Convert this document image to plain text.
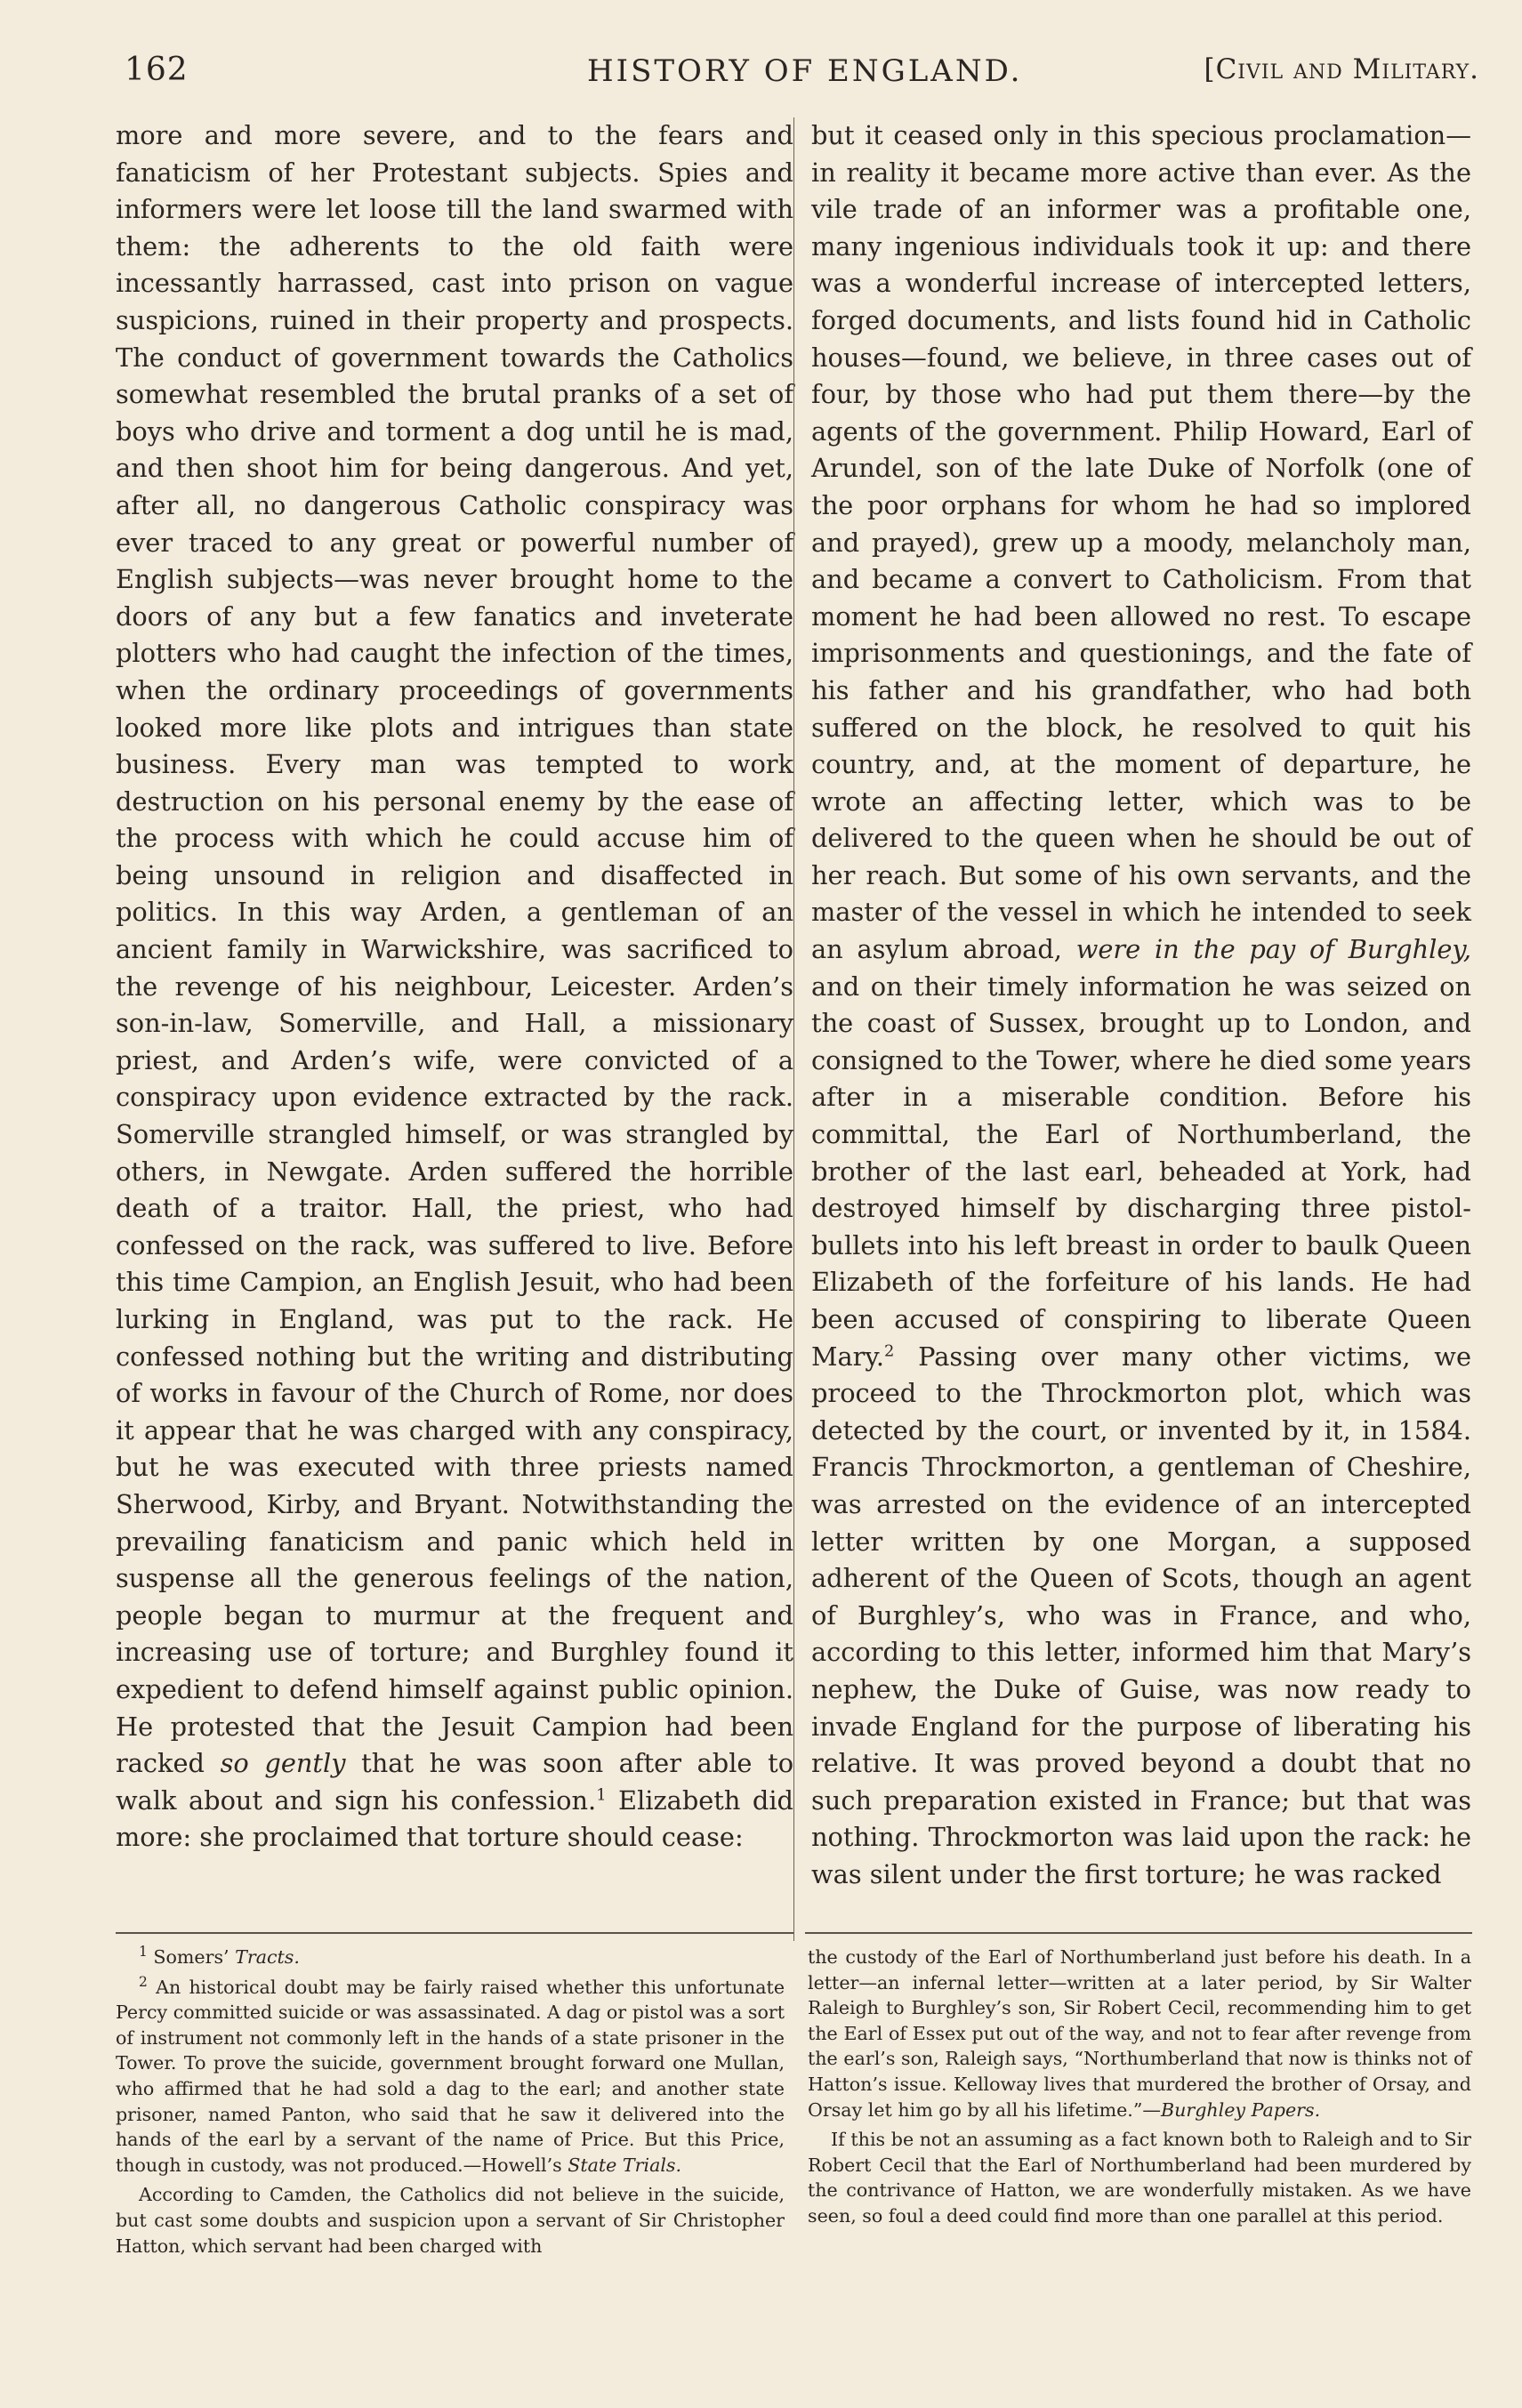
162	HISTORY OF ENGLAND.	[Civil and Military.

more and more severe, and to the fears and fanaticism of her Protestant subjects. Spies and informers were let loose till the land swarmed with them: the adherents to the old faith were incessantly harrassed, cast into prison on vague suspicions, ruined in their property and prospects. The conduct of government towards the Catholics somewhat resembled the brutal pranks of a set of boys who drive and torment a dog until he is mad, and then shoot him for being dangerous. And yet, after all, no dangerous Catholic conspiracy was ever traced to any great or powerful number of English subjects—was never brought home to the doors of any but a few fanatics and inveterate plotters who had caught the infection of the times, when the ordinary proceedings of governments looked more like plots and intrigues than state business. Every man was tempted to work destruction on his personal enemy by the ease of the process with which he could accuse him of being unsound in religion and disaffected in politics. In this way Arden, a gentleman of an ancient family in Warwickshire, was sacrificed to the revenge of his neighbour, Leicester. Arden’s son-in-law, Somerville, and Hall, a missionary priest, and Arden’s wife, were convicted of a conspiracy upon evidence extracted by the rack. Somerville strangled himself, or was strangled by others, in Newgate. Arden suffered the horrible death of a traitor. Hall, the priest, who had confessed on the rack, was suffered to live. Before this time Campion, an English Jesuit, who had been lurking in England, was put to the rack. He confessed nothing but the writing and distributing of works in favour of the Church of Rome, nor does it appear that he was charged with any conspiracy, but he was executed with three priests named Sherwood, Kirby, and Bryant. Notwithstanding the prevailing fanaticism and panic which held in suspense all the generous feelings of the nation, people began to murmur at the frequent and increasing use of torture; and Burghley found it expedient to defend himself against public opinion. He protested that the Jesuit Campion had been racked so gently that he was soon after able to walk about and sign his confession.$^1$ Elizabeth did more: she proclaimed that torture should cease:

but it ceased only in this specious proclamation—in reality it became more active than ever. As the vile trade of an informer was a profitable one, many ingenious individuals took it up: and there was a wonderful increase of intercepted letters, forged documents, and lists found hid in Catholic houses—found, we believe, in three cases out of four, by those who had put them there—by the agents of the government. Philip Howard, Earl of Arundel, son of the late Duke of Norfolk (one of the poor orphans for whom he had so implored and prayed), grew up a moody, melancholy man, and became a convert to Catholicism. From that moment he had been allowed no rest. To escape imprisonments and questionings, and the fate of his father and his grandfather, who had both suffered on the block, he resolved to quit his country, and, at the moment of departure, he wrote an affecting letter, which was to be delivered to the queen when he should be out of her reach. But some of his own servants, and the master of the vessel in which he intended to seek an asylum abroad, were in the pay of Burghley, and on their timely information he was seized on the coast of Sussex, brought up to London, and consigned to the Tower, where he died some years after in a miserable condition. Before his committal, the Earl of Northumberland, the brother of the last earl, beheaded at York, had destroyed himself by discharging three pistol-bullets into his left breast in order to baulk Queen Elizabeth of the forfeiture of his lands. He had been accused of conspiring to liberate Queen Mary.$^2$ Passing over many other victims, we proceed to the Throckmorton plot, which was detected by the court, or invented by it, in 1584. Francis Throckmorton, a gentleman of Cheshire, was arrested on the evidence of an intercepted letter written by one Morgan, a supposed adherent of the Queen of Scots, though an agent of Burghley’s, who was in France, and who, according to this letter, informed him that Mary’s nephew, the Duke of Guise, was now ready to invade England for the purpose of liberating his relative. It was proved beyond a doubt that no such preparation existed in France; but that was nothing. Throckmorton was laid upon the rack: he was silent under the first torture; he was racked

$^1$ Somers’ Tracts.

$^2$ An historical doubt may be fairly raised whether this unfortunate Percy committed suicide or was assassinated. A dag or pistol was a sort of instrument not commonly left in the hands of a state prisoner in the Tower. To prove the suicide, government brought forward one Mullan, who affirmed that he had sold a dag to the earl; and another state prisoner, named Panton, who said that he saw it delivered into the hands of the earl by a servant of the name of Price. But this Price, though in custody, was not produced.—Howell’s State Trials.

According to Camden, the Catholics did not believe in the suicide, but cast some doubts and suspicion upon a servant of Sir Christopher Hatton, which servant had been charged with

the custody of the Earl of Northumberland just before his death. In a letter—an infernal letter—written at a later period, by Sir Walter Raleigh to Burghley’s son, Sir Robert Cecil, recommending him to get the Earl of Essex put out of the way, and not to fear after revenge from the earl’s son, Raleigh says, “Northumberland that now is thinks not of Hatton’s issue. Kelloway lives that murdered the brother of Orsay, and Orsay let him go by all his lifetime.”—Burghley Papers.

If this be not an assuming as a fact known both to Raleigh and to Sir Robert Cecil that the Earl of Northumberland had been murdered by the contrivance of Hatton, we are wonderfully mistaken. As we have seen, so foul a deed could find more than one parallel at this period.
